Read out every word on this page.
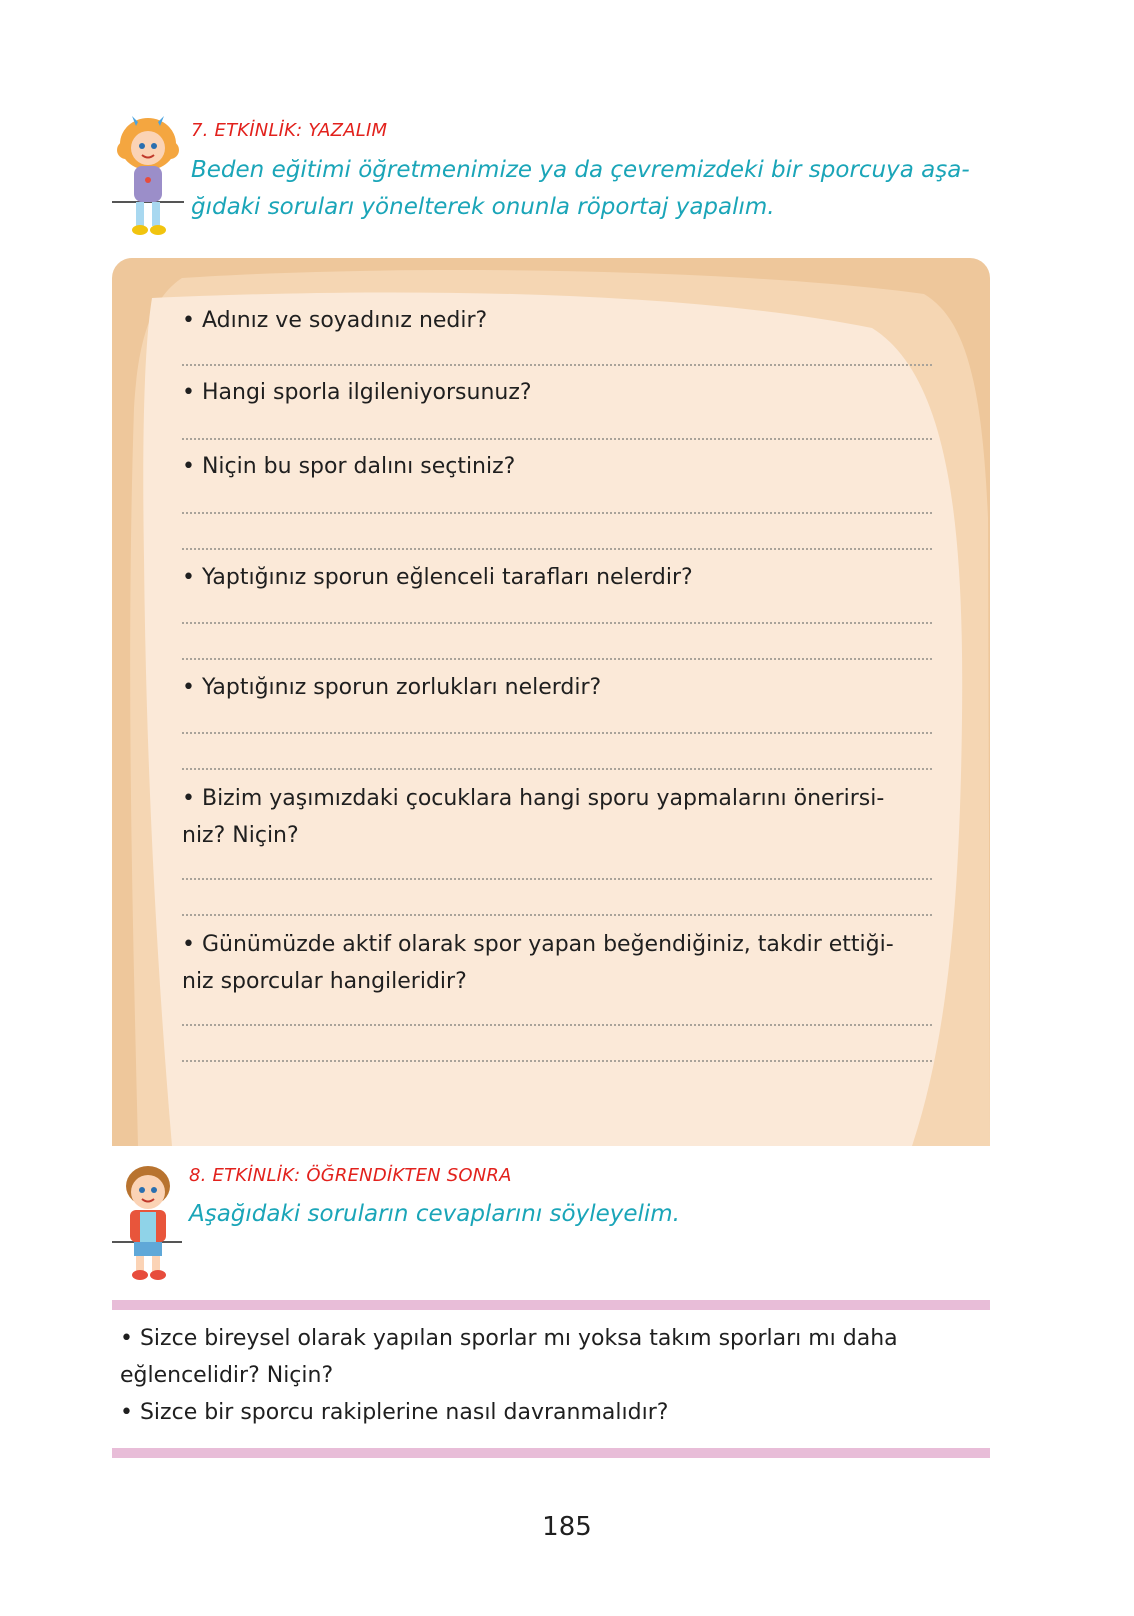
7. ETKİNLİK: YAZALIM
Beden eğitimi öğretmenimize ya da çevremizdeki bir sporcuya aşa-
ğıdaki soruları yönelterek onunla röportaj yapalım.
• Adınız ve soyadınız nedir?
• Hangi sporla ilgileniyorsunuz?
• Niçin bu spor dalını seçtiniz?
• Yaptığınız sporun eğlenceli tarafları nelerdir?
• Yaptığınız sporun zorlukları nelerdir?
• Bizim yaşımızdaki çocuklara hangi sporu yapmalarını önerirsi-
niz? Niçin?
• Günümüzde aktif olarak spor yapan beğendiğiniz, takdir ettiği-
niz sporcular hangileridir?
8. ETKİNLİK: ÖĞRENDİKTEN SONRA
Aşağıdaki soruların cevaplarını söyleyelim.
• Sizce bireysel olarak yapılan sporlar mı yoksa takım sporları mı daha
eğlencelidir? Niçin?
• Sizce bir sporcu rakiplerine nasıl davranmalıdır?
185
